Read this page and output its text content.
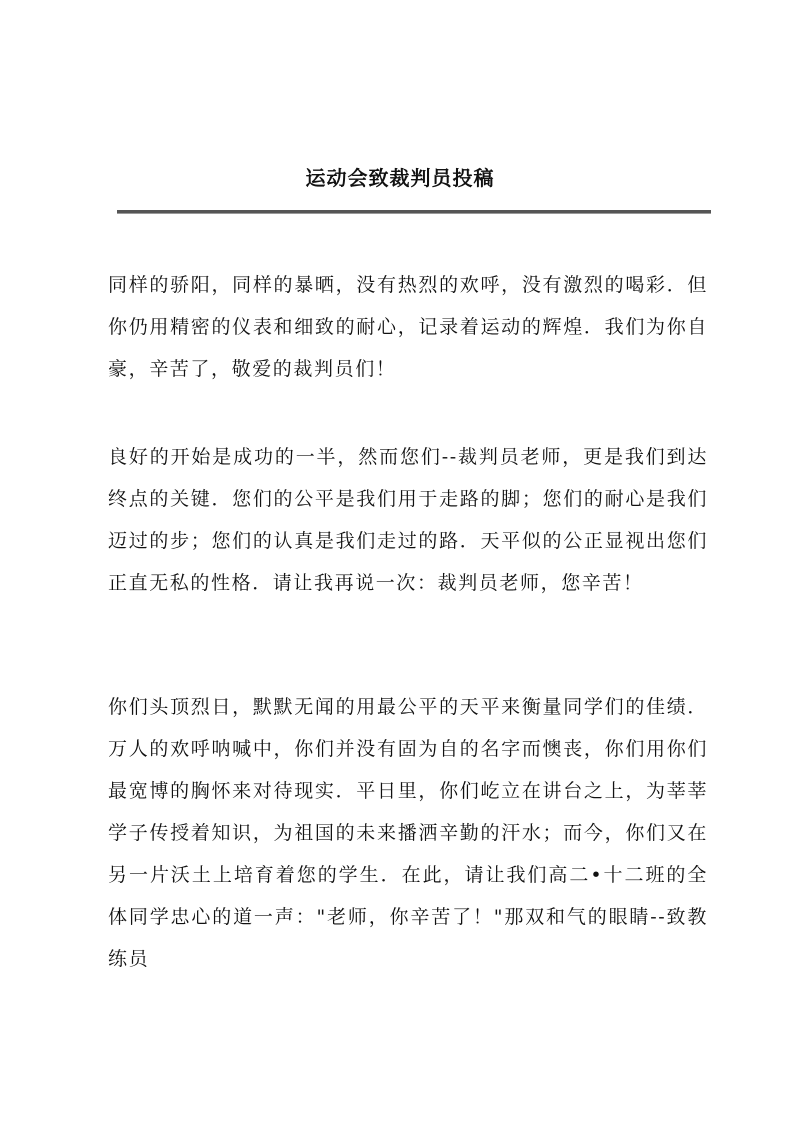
运动会致裁判员投稿

同样的骄阳，同样的暴晒，没有热烈的欢呼，没有激烈的喝彩．但你仍用精密的仪表和细致的耐心，记录着运动的辉煌．我们为你自豪，辛苦了，敬爱的裁判员们！

良好的开始是成功的一半，然而您们--裁判员老师，更是我们到达终点的关键．您们的公平是我们用于走路的脚；您们的耐心是我们迈过的步；您们的认真是我们走过的路．天平似的公正显视出您们正直无私的性格．请让我再说一次：裁判员老师，您辛苦！

你们头顶烈日，默默无闻的用最公平的天平来衡量同学们的佳绩．万人的欢呼呐喊中，你们并没有固为自的名字而懊丧，你们用你们最宽博的胸怀来对待现实．平日里，你们屹立在讲台之上，为莘莘学子传授着知识，为祖国的未来播洒辛勤的汗水；而今，你们又在另一片沃土上培育着您的学生．在此，请让我们高二•十二班的全体同学忠心的道一声："老师，你辛苦了！"那双和气的眼睛--致教练员
